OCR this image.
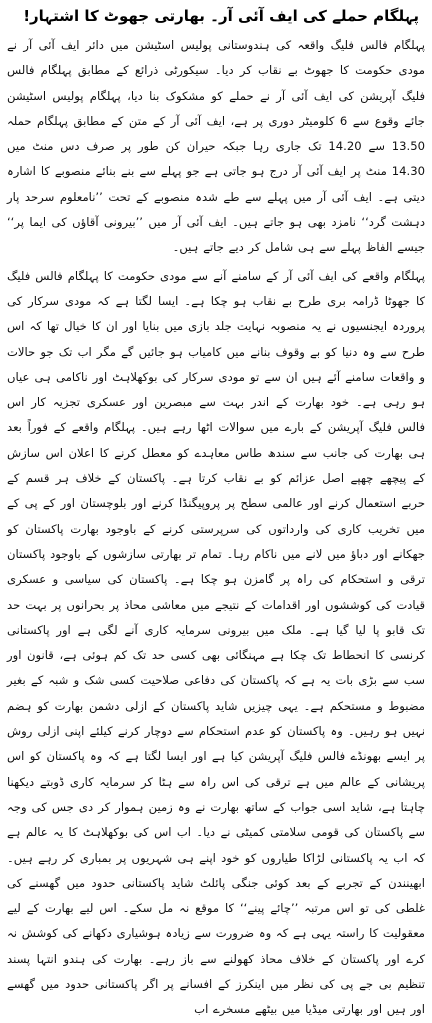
پہلگام حملے کی ایف آئی آر۔ بھارتی جھوٹ کا اشتہار!

پہلگام فالس فلیگ واقعہ کی ہندوستانی پولیس اسٹیشن میں دائر ایف آئی آر نے مودی حکومت کا جھوٹ بے نقاب کر دیا۔ سیکورٹی ذرائع کے مطابق پہلگام فالس فلیگ آپریشن کی ایف آئی آر نے حملے کو مشکوک بنا دیا، پہلگام پولیس اسٹیشن جائے وقوع سے 6 کلومیٹر دوری پر ہے، ایف آئی آر کے متن کے مطابق پہلگام حملہ 13.50 سے 14.20 تک جاری رہا جبکہ حیران کن طور پر صرف دس منٹ میں 14.30 منٹ پر ایف آئی آر درج ہو جاتی ہے جو پہلے سے بنے بنائے منصوبے کا اشارہ دیتی ہے۔ ایف آئی آر میں پہلے سے طے شدہ منصوبے کے تحت ’’نامعلوم سرحد پار دہشت گرد‘‘ نامزد بھی ہو جاتے ہیں۔ ایف آئی آر میں ’’بیرونی آقاؤں کی ایما پر‘‘ جیسے الفاظ پہلے سے ہی شامل کر دیے جاتے ہیں۔

پہلگام واقعے کی ایف آئی آر کے سامنے آنے سے مودی حکومت کا پہلگام فالس فلیگ کا جھوٹا ڈرامہ بری طرح بے نقاب ہو چکا ہے۔ ایسا لگتا ہے کہ مودی سرکار کی پروردہ ایجنسیوں نے یہ منصوبہ نہایت جلد بازی میں بنایا اور ان کا خیال تھا کہ اس طرح سے وہ دنیا کو بے وقوف بنانے میں کامیاب ہو جائیں گے مگر اب تک جو حالات و واقعات سامنے آئے ہیں ان سے تو مودی سرکار کی بوکھلاہٹ اور ناکامی ہی عیاں ہو رہی ہے۔ خود بھارت کے اندر بہت سے مبصرین اور عسکری تجزیہ کار اس فالس فلیگ آپریشن کے بارے میں سوالات اٹھا رہے ہیں۔ پہلگام واقعے کے فوراً بعد ہی بھارت کی جانب سے سندھ طاس معاہدے کو معطل کرنے کا اعلان اس سازش کے پیچھے چھپے اصل عزائم کو بے نقاب کرتا ہے۔ پاکستان کے خلاف ہر قسم کے حربے استعمال کرنے اور عالمی سطح پر پروپیگنڈا کرنے اور بلوچستان اور کے پی کے میں تخریب کاری کی وارداتوں کی سرپرستی کرنے کے باوجود بھارت پاکستان کو جھکانے اور دباؤ میں لانے میں ناکام رہا۔ تمام تر بھارتی سازشوں کے باوجود پاکستان ترقی و استحکام کی راہ پر گامزن ہو چکا ہے۔ پاکستان کی سیاسی و عسکری قیادت کی کوششوں اور اقدامات کے نتیجے میں معاشی محاذ پر بحرانوں پر بہت حد تک قابو پا لیا گیا ہے۔ ملک میں بیرونی سرمایہ کاری آنے لگی ہے اور پاکستانی کرنسی کا انحطاط تک چکا ہے مہنگائی بھی کسی حد تک کم ہوئی ہے، قانون اور سب سے بڑی بات یہ ہے کہ پاکستان کی دفاعی صلاحیت کسی شک و شبہ کے بغیر مضبوط و مستحکم ہے۔ یہی چیزیں شاید پاکستان کے ازلی دشمن بھارت کو ہضم نہیں ہو رہیں۔ وہ پاکستان کو عدم استحکام سے دوچار کرنے کیلئے اپنی ازلی روش پر ایسے بھونڈے فالس فلیگ آپریشن کیا ہے اور ایسا لگتا ہے کہ وہ پاکستان کو اس پریشانی کے عالم میں ہے ترقی کی اس راہ سے ہٹا کر سرمایہ کاری ڈوبتے دیکھنا چاہتا ہے، شاید اسی جواب کے ساتھ بھارت نے وہ زمین ہموار کر دی جس کی وجہ سے پاکستان کی قومی سلامتی کمیٹی نے دیا۔ اب اس کی بوکھلاہٹ کا یہ عالم ہے کہ اب یہ پاکستانی لڑاکا طیاروں کو خود اپنے ہی شہریوں پر بمباری کر رہے ہیں۔ ابھینندن کے تجربے کے بعد کوئی جنگی پائلٹ شاید پاکستانی حدود میں گھسنے کی غلطی کی تو اس مرتبہ ’’چائے پینے‘‘ کا موقع نہ مل سکے۔ اس لیے بھارت کے لیے معقولیت کا راستہ یہی ہے کہ وہ ضرورت سے زیادہ ہوشیاری دکھانے کی کوشش نہ کرے اور پاکستان کے خلاف محاذ کھولنے سے باز رہے۔ بھارت کی ہندو انتہا پسند تنظیم بی جے پی کی نظر میں اینکرز کے افسانے پر اگر پاکستانی حدود میں گھسے اور ہیں اور بھارتی میڈیا میں بیٹھے مسخرے اب
